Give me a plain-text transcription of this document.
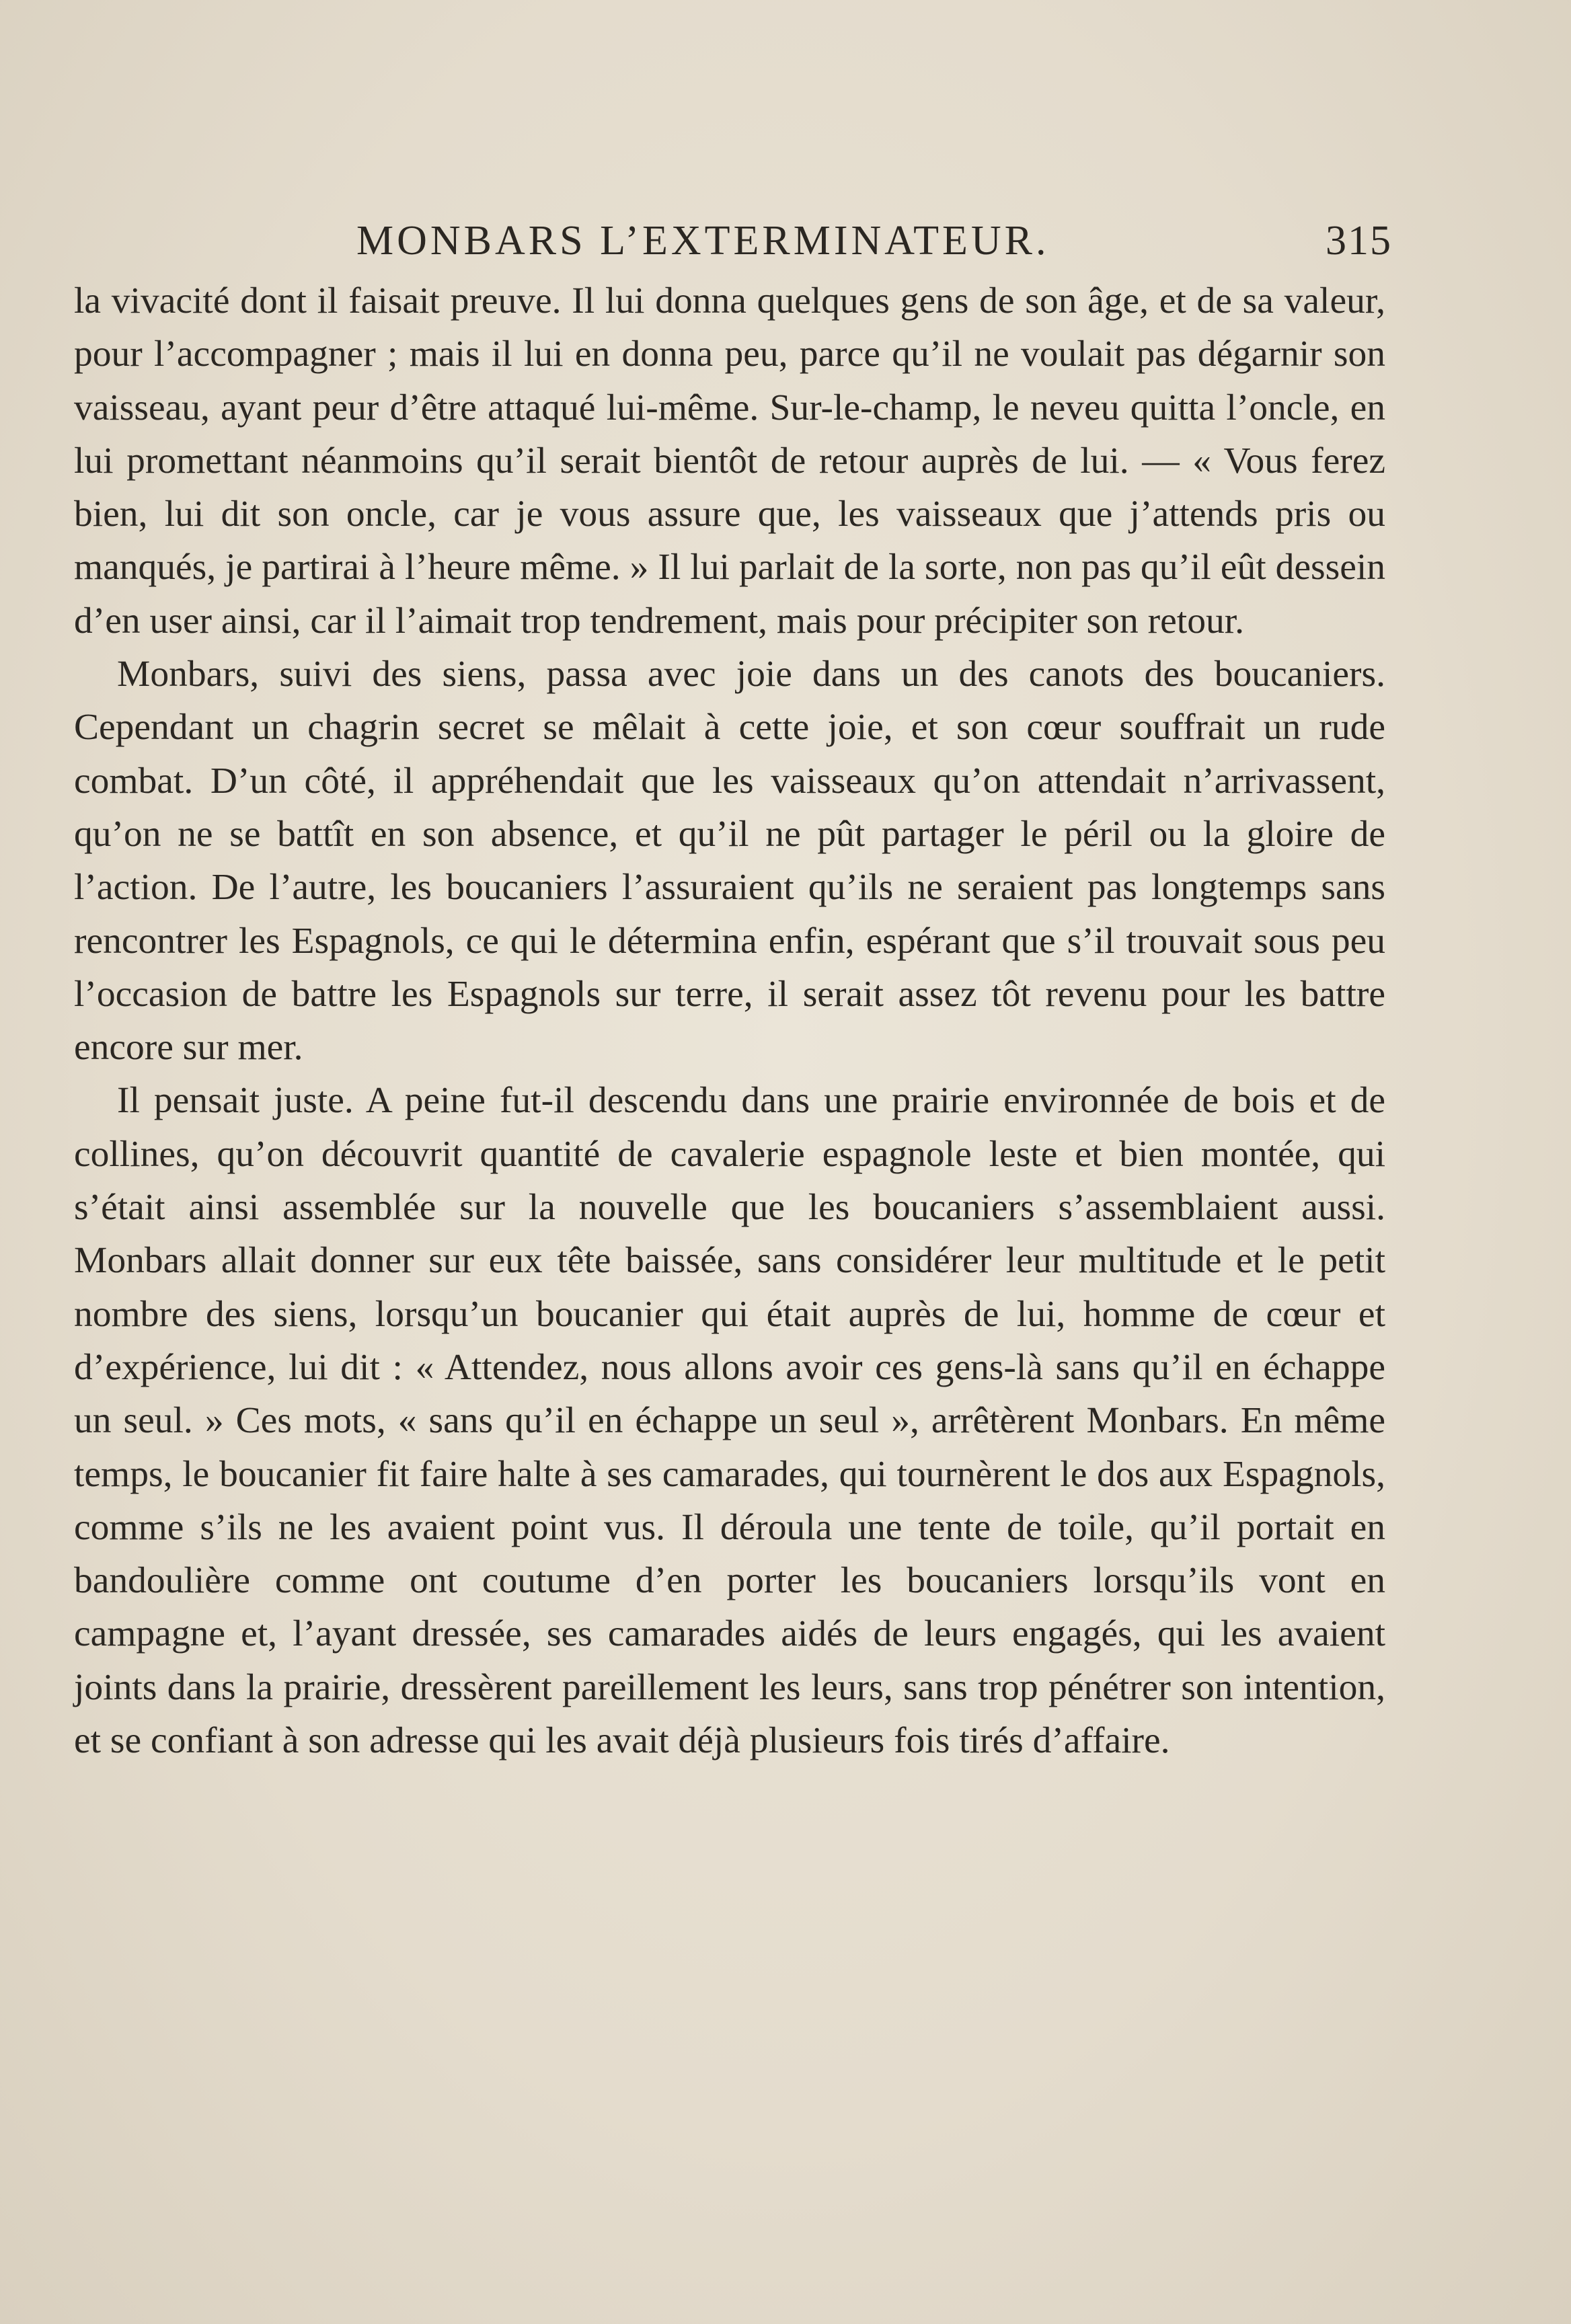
MONBARS L’EXTERMINATEUR.	315

la vivacité dont il faisait preuve. Il lui donna quelques gens de son âge, et de sa valeur, pour l’accompagner ; mais il lui en donna peu, parce qu’il ne voulait pas dégarnir son vaisseau, ayant peur d’être attaqué lui-même. Sur-le-champ, le neveu quitta l’oncle, en lui promettant néanmoins qu’il serait bientôt de retour auprès de lui. — « Vous ferez bien, lui dit son oncle, car je vous assure que, les vaisseaux que j’attends pris ou manqués, je partirai à l’heure même. » Il lui parlait de la sorte, non pas qu’il eût dessein d’en user ainsi, car il l’aimait trop tendrement, mais pour précipiter son retour.

Monbars, suivi des siens, passa avec joie dans un des canots des boucaniers. Cependant un chagrin secret se mêlait à cette joie, et son cœur souffrait un rude combat. D’un côté, il appréhendait que les vaisseaux qu’on attendait n’arrivassent, qu’on ne se battît en son absence, et qu’il ne pût partager le péril ou la gloire de l’action. De l’autre, les boucaniers l’assuraient qu’ils ne seraient pas longtemps sans rencontrer les Espagnols, ce qui le détermina enfin, espérant que s’il trouvait sous peu l’occasion de battre les Espagnols sur terre, il serait assez tôt revenu pour les battre encore sur mer.

Il pensait juste. A peine fut-il descendu dans une prairie environnée de bois et de collines, qu’on découvrit quantité de cavalerie espagnole leste et bien montée, qui s’était ainsi assemblée sur la nouvelle que les boucaniers s’assemblaient aussi. Monbars allait donner sur eux tête baissée, sans considérer leur multitude et le petit nombre des siens, lorsqu’un boucanier qui était auprès de lui, homme de cœur et d’expérience, lui dit : « Attendez, nous allons avoir ces gens-là sans qu’il en échappe un seul. » Ces mots, « sans qu’il en échappe un seul », arrêtèrent Monbars. En même temps, le boucanier fit faire halte à ses camarades, qui tournèrent le dos aux Espagnols, comme s’ils ne les avaient point vus. Il déroula une tente de toile, qu’il portait en bandoulière comme ont coutume d’en porter les boucaniers lorsqu’ils vont en campagne et, l’ayant dressée, ses camarades aidés de leurs engagés, qui les avaient joints dans la prairie, dressèrent pareillement les leurs, sans trop pénétrer son intention, et se confiant à son adresse qui les avait déjà plusieurs fois tirés d’affaire.
